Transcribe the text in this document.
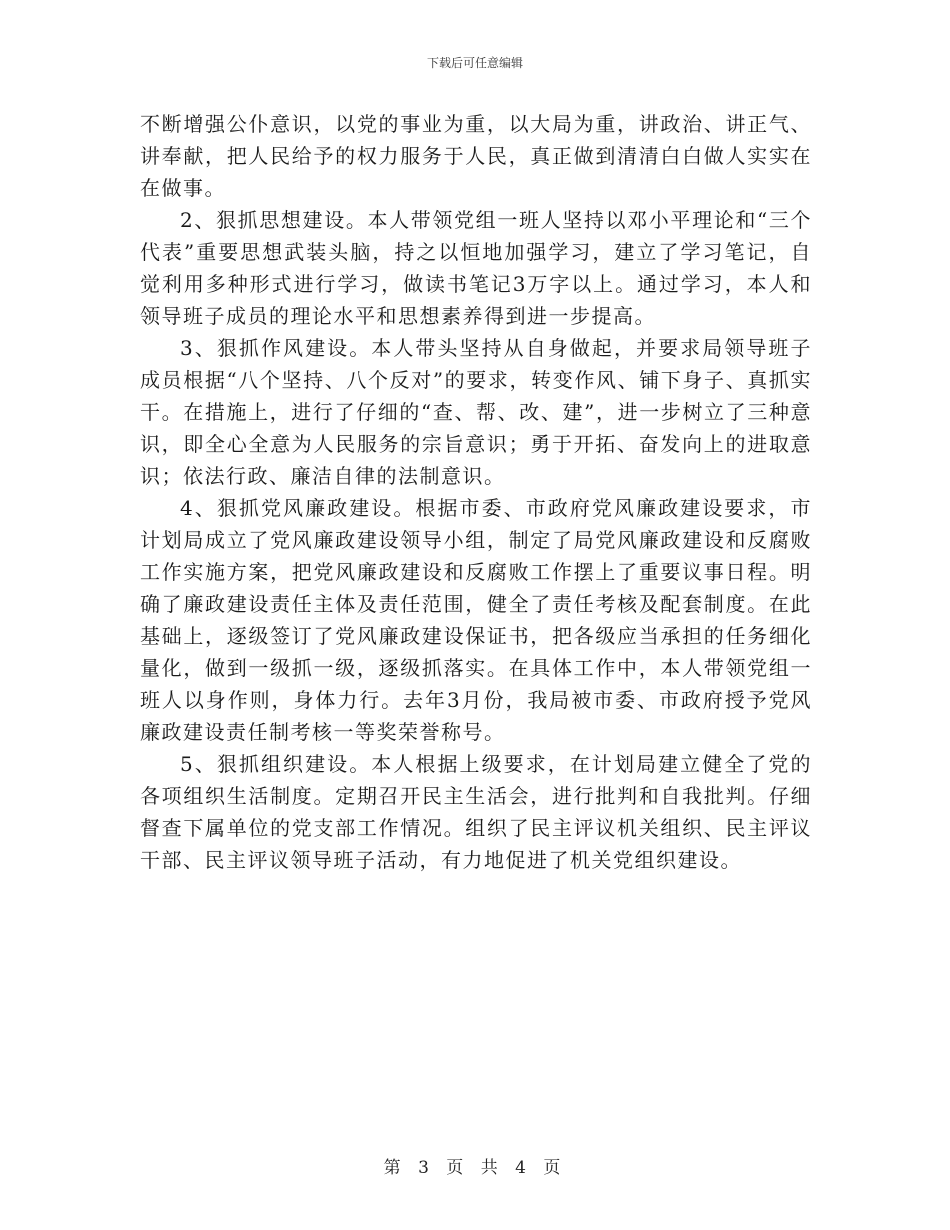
下载后可任意编辑

不断增强公仆意识，以党的事业为重，以大局为重，讲政治、讲正气、讲奉献，把人民给予的权力服务于人民，真正做到清清白白做人实实在在做事。

2、狠抓思想建设。本人带领党组一班人坚持以邓小平理论和“三个代表”重要思想武装头脑，持之以恒地加强学习，建立了学习笔记，自觉利用多种形式进行学习，做读书笔记3万字以上。通过学习，本人和领导班子成员的理论水平和思想素养得到进一步提高。

3、狠抓作风建设。本人带头坚持从自身做起，并要求局领导班子成员根据“八个坚持、八个反对”的要求，转变作风、铺下身子、真抓实干。在措施上，进行了仔细的“查、帮、改、建”，进一步树立了三种意识，即全心全意为人民服务的宗旨意识；勇于开拓、奋发向上的进取意识；依法行政、廉洁自律的法制意识。

4、狠抓党风廉政建设。根据市委、市政府党风廉政建设要求，市计划局成立了党风廉政建设领导小组，制定了局党风廉政建设和反腐败工作实施方案，把党风廉政建设和反腐败工作摆上了重要议事日程。明确了廉政建设责任主体及责任范围，健全了责任考核及配套制度。在此基础上，逐级签订了党风廉政建设保证书，把各级应当承担的任务细化量化，做到一级抓一级，逐级抓落实。在具体工作中，本人带领党组一班人以身作则，身体力行。去年3月份，我局被市委、市政府授予党风廉政建设责任制考核一等奖荣誉称号。

5、狠抓组织建设。本人根据上级要求，在计划局建立健全了党的各项组织生活制度。定期召开民主生活会，进行批判和自我批判。仔细督查下属单位的党支部工作情况。组织了民主评议机关组织、民主评议干部、民主评议领导班子活动，有力地促进了机关党组织建设。

第 3 页 共 4 页
